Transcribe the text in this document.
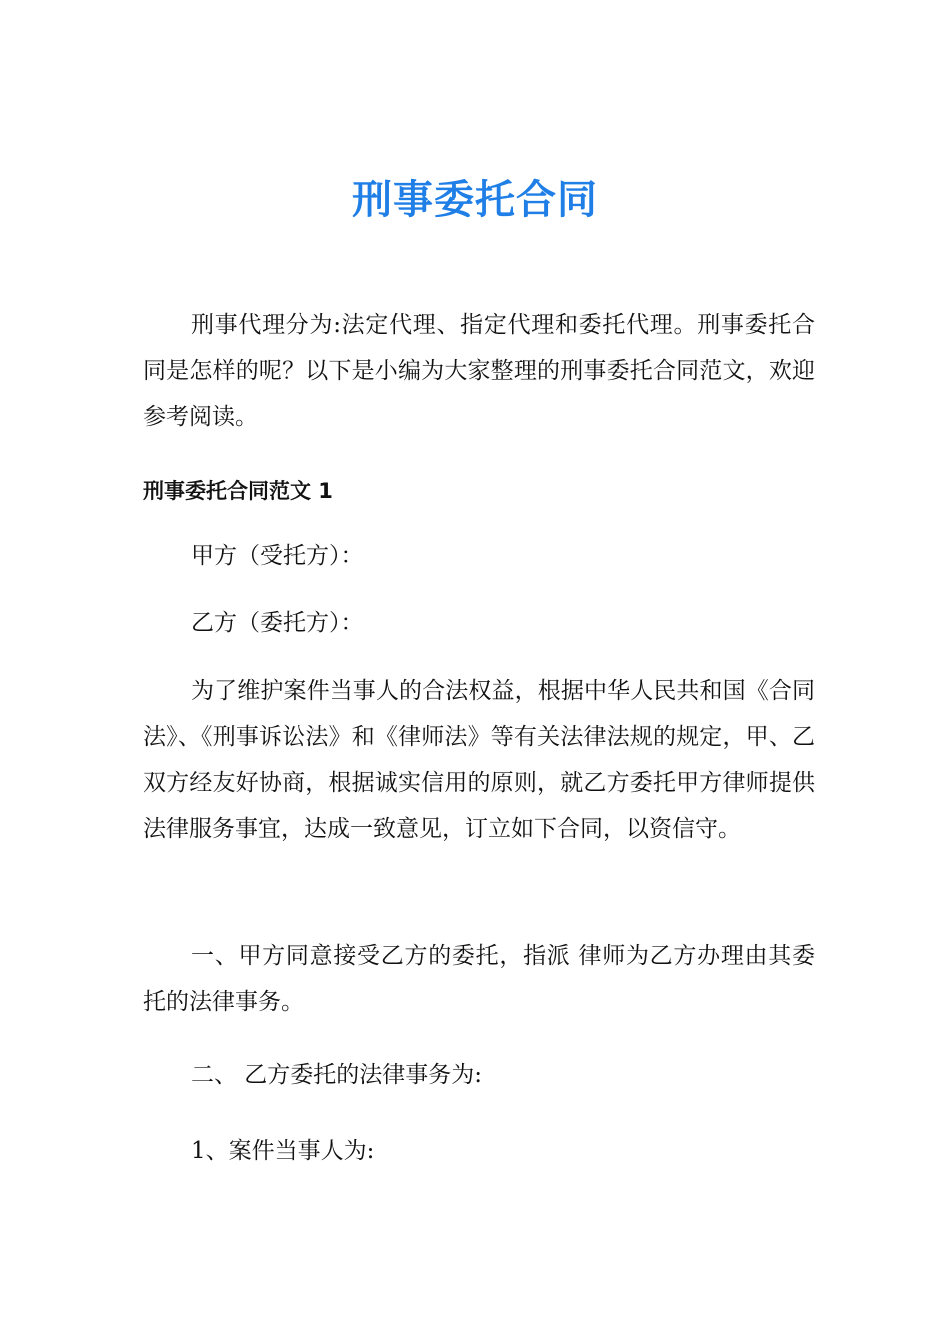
刑事委托合同

刑事代理分为:法定代理、指定代理和委托代理。刑事委托合同是怎样的呢？以下是小编为大家整理的刑事委托合同范文，欢迎参考阅读。

刑事委托合同范文 1

甲方（受托方）：

乙方（委托方）：

为了维护案件当事人的合法权益，根据中华人民共和国《合同法》、《刑事诉讼法》和《律师法》等有关法律法规的规定，甲、乙双方经友好协商，根据诚实信用的原则，就乙方委托甲方律师提供法律服务事宜，达成一致意见，订立如下合同，以资信守。

一、甲方同意接受乙方的委托，指派 律师为乙方办理由其委托的法律事务。

二、 乙方委托的法律事务为:

1、案件当事人为:
